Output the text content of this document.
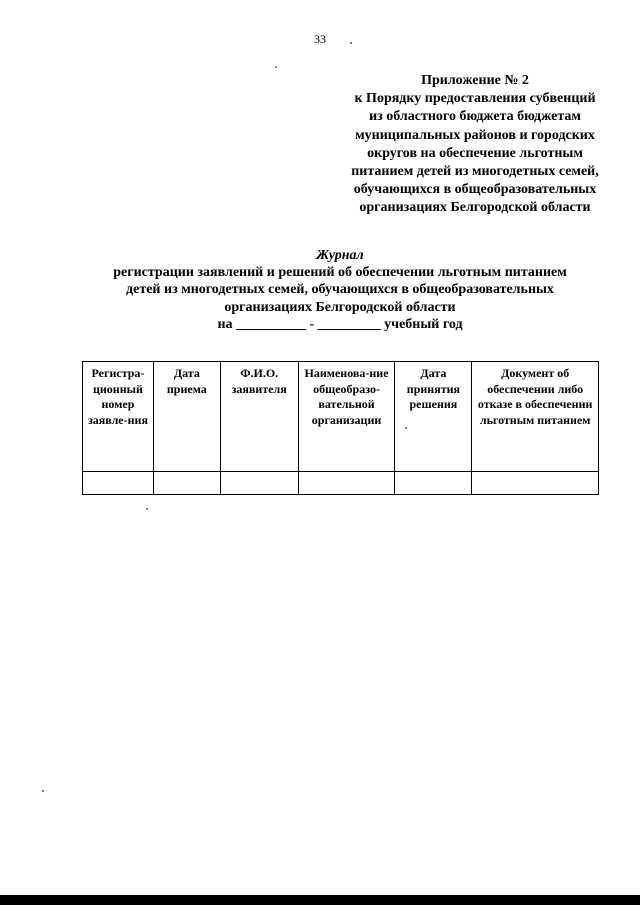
33
Приложение № 2
к Порядку предоставления субвенций
из областного бюджета бюджетам
муниципальных районов и городских
округов на обеспечение льготным
питанием детей из многодетных семей,
обучающихся в общеобразовательных
организациях Белгородской области
Журнал
регистрации заявлений и решений об обеспечении льготным питанием
детей из многодетных семей, обучающихся в общеобразовательных
организациях Белгородской области
на __________ - _________ учебный год
Регистра-ционный номер заявле-ния	Дата приема	Ф.И.О. заявителя	Наименова-ние общеобразо-вательной организации	Дата принятия решения	Документ об обеспечении либо отказе в обеспечении льготным питанием
